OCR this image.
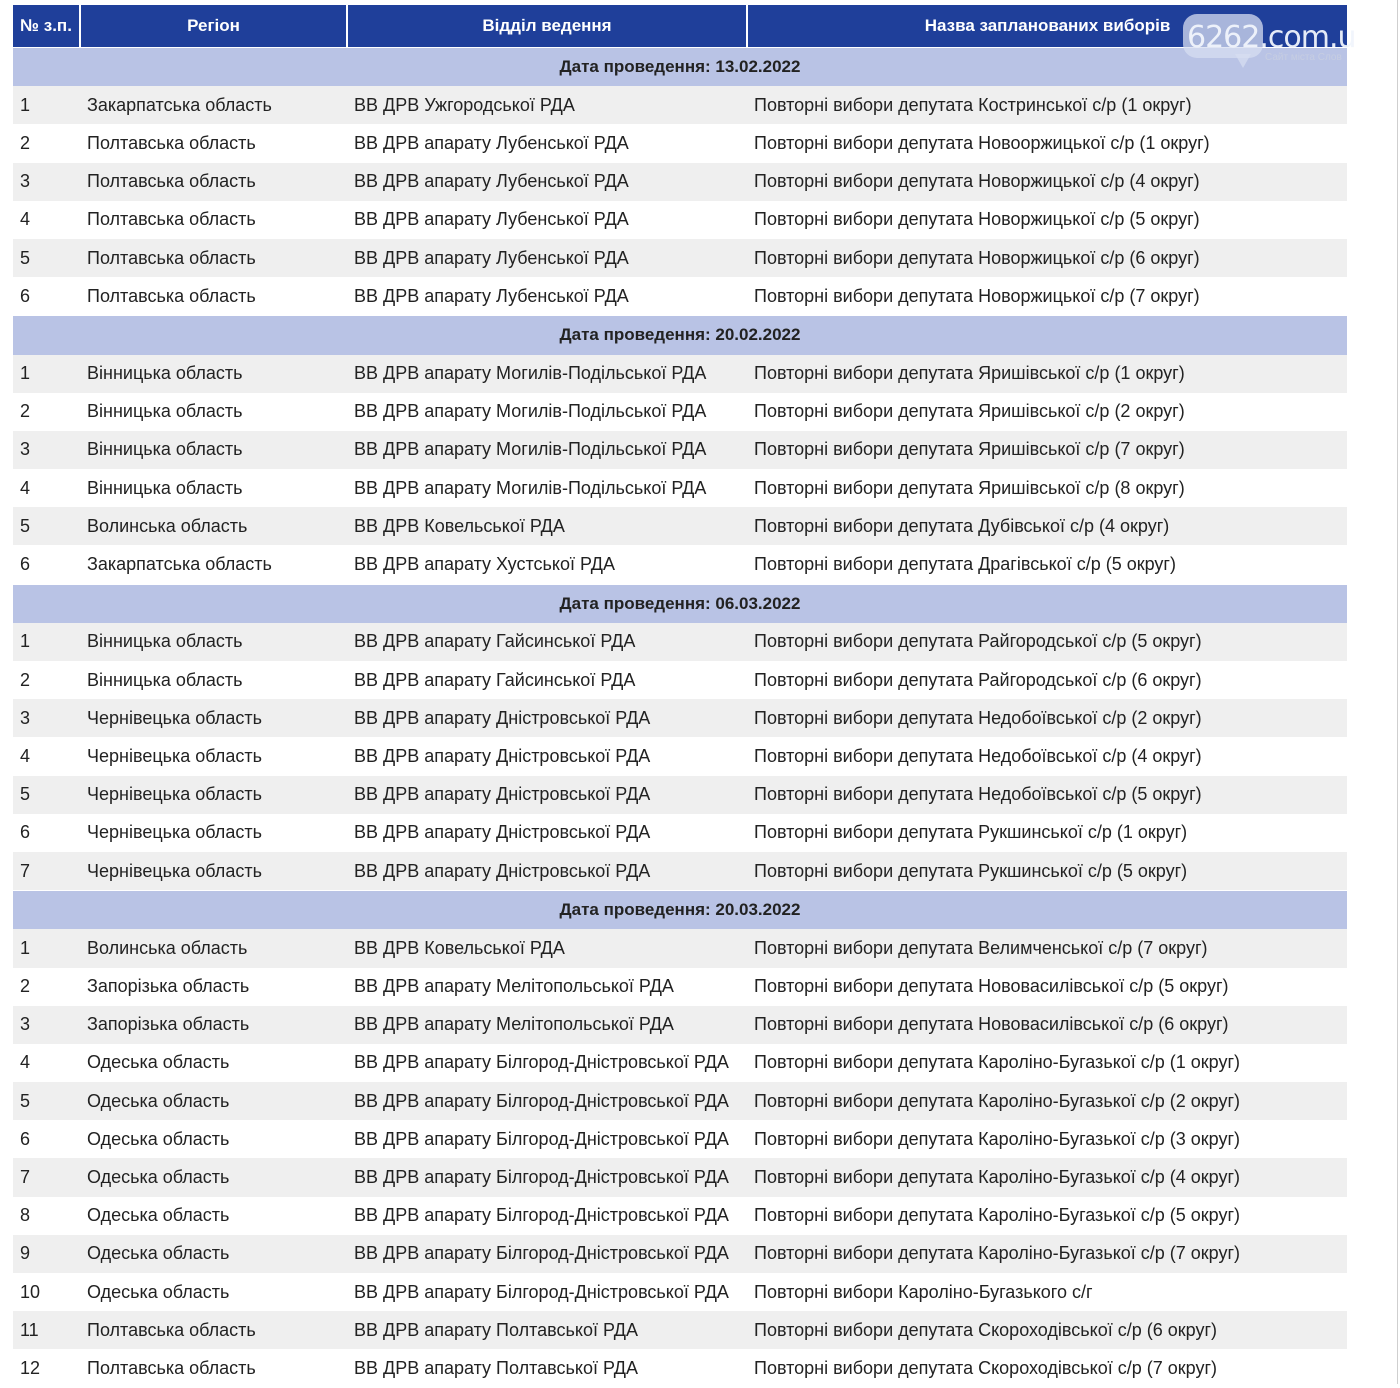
№ з.п.	Регіон	Відділ ведення	Назва запланованих виборів
Дата проведення: 13.02.2022			
1	Закарпатська область	ВВ ДРВ Ужгородської РДА	Повторні вибори депутата Костринської с/р (1 округ)
2	Полтавська область	ВВ ДРВ апарату Лубенської РДА	Повторні вибори депутата Новооржицької с/р (1 округ)
3	Полтавська область	ВВ ДРВ апарату Лубенської РДА	Повторні вибори депутата Новоржицької с/р (4 округ)
4	Полтавська область	ВВ ДРВ апарату Лубенської РДА	Повторні вибори депутата Новоржицької с/р (5 округ)
5	Полтавська область	ВВ ДРВ апарату Лубенської РДА	Повторні вибори депутата Новоржицької с/р (6 округ)
6	Полтавська область	ВВ ДРВ апарату Лубенської РДА	Повторні вибори депутата Новоржицької с/р (7 округ)
Дата проведення: 20.02.2022			
1	Вінницька область	ВВ ДРВ апарату Могилів-Подільської РДА	Повторні вибори депутата Яришівської с/р (1 округ)
2	Вінницька область	ВВ ДРВ апарату Могилів-Подільської РДА	Повторні вибори депутата Яришівської с/р (2 округ)
3	Вінницька область	ВВ ДРВ апарату Могилів-Подільської РДА	Повторні вибори депутата Яришівської с/р (7 округ)
4	Вінницька область	ВВ ДРВ апарату Могилів-Подільської РДА	Повторні вибори депутата Яришівської с/р (8 округ)
5	Волинська область	ВВ ДРВ Ковельської РДА	Повторні вибори депутата Дубівської с/р (4 округ)
6	Закарпатська область	ВВ ДРВ апарату Хустської РДА	Повторні вибори депутата Драгівської с/р (5 округ)
Дата проведення: 06.03.2022			
1	Вінницька область	ВВ ДРВ апарату Гайсинської РДА	Повторні вибори депутата Райгородської с/р (5 округ)
2	Вінницька область	ВВ ДРВ апарату Гайсинської РДА	Повторні вибори депутата Райгородської с/р (6 округ)
3	Чернівецька область	ВВ ДРВ апарату Дністровської РДА	Повторні вибори депутата Недобоївської с/р (2 округ)
4	Чернівецька область	ВВ ДРВ апарату Дністровської РДА	Повторні вибори депутата Недобоївської с/р (4 округ)
5	Чернівецька область	ВВ ДРВ апарату Дністровської РДА	Повторні вибори депутата Недобоївської с/р (5 округ)
6	Чернівецька область	ВВ ДРВ апарату Дністровської РДА	Повторні вибори депутата Рукшинської с/р (1 округ)
7	Чернівецька область	ВВ ДРВ апарату Дністровської РДА	Повторні вибори депутата Рукшинської с/р (5 округ)
Дата проведення: 20.03.2022			
1	Волинська область	ВВ ДРВ Ковельської РДА	Повторні вибори депутата Велимченської с/р (7 округ)
2	Запорізька область	ВВ ДРВ апарату Мелітопольської РДА	Повторні вибори депутата Нововасилівської с/р (5 округ)
3	Запорізька область	ВВ ДРВ апарату Мелітопольської РДА	Повторні вибори депутата Нововасилівської с/р (6 округ)
4	Одеська область	ВВ ДРВ апарату Білгород-Дністровської РДА	Повторні вибори депутата Кароліно-Бугазької с/р (1 округ)
5	Одеська область	ВВ ДРВ апарату Білгород-Дністровської РДА	Повторні вибори депутата Кароліно-Бугазької с/р (2 округ)
6	Одеська область	ВВ ДРВ апарату Білгород-Дністровської РДА	Повторні вибори депутата Кароліно-Бугазької с/р (3 округ)
7	Одеська область	ВВ ДРВ апарату Білгород-Дністровської РДА	Повторні вибори депутата Кароліно-Бугазької с/р (4 округ)
8	Одеська область	ВВ ДРВ апарату Білгород-Дністровської РДА	Повторні вибори депутата Кароліно-Бугазької с/р (5 округ)
9	Одеська область	ВВ ДРВ апарату Білгород-Дністровської РДА	Повторні вибори депутата Кароліно-Бугазької с/р (7 округ)
10	Одеська область	ВВ ДРВ апарату Білгород-Дністровської РДА	Повторні вибори Кароліно-Бугазького с/г
11	Полтавська область	ВВ ДРВ апарату Полтавської РДА	Повторні вибори депутата Скороходівської с/р (6 округ)
12	Полтавська область	ВВ ДРВ апарату Полтавської РДА	Повторні вибори депутата Скороходівської с/р (7 округ)
6262.com.u
Сайт міста Слов
